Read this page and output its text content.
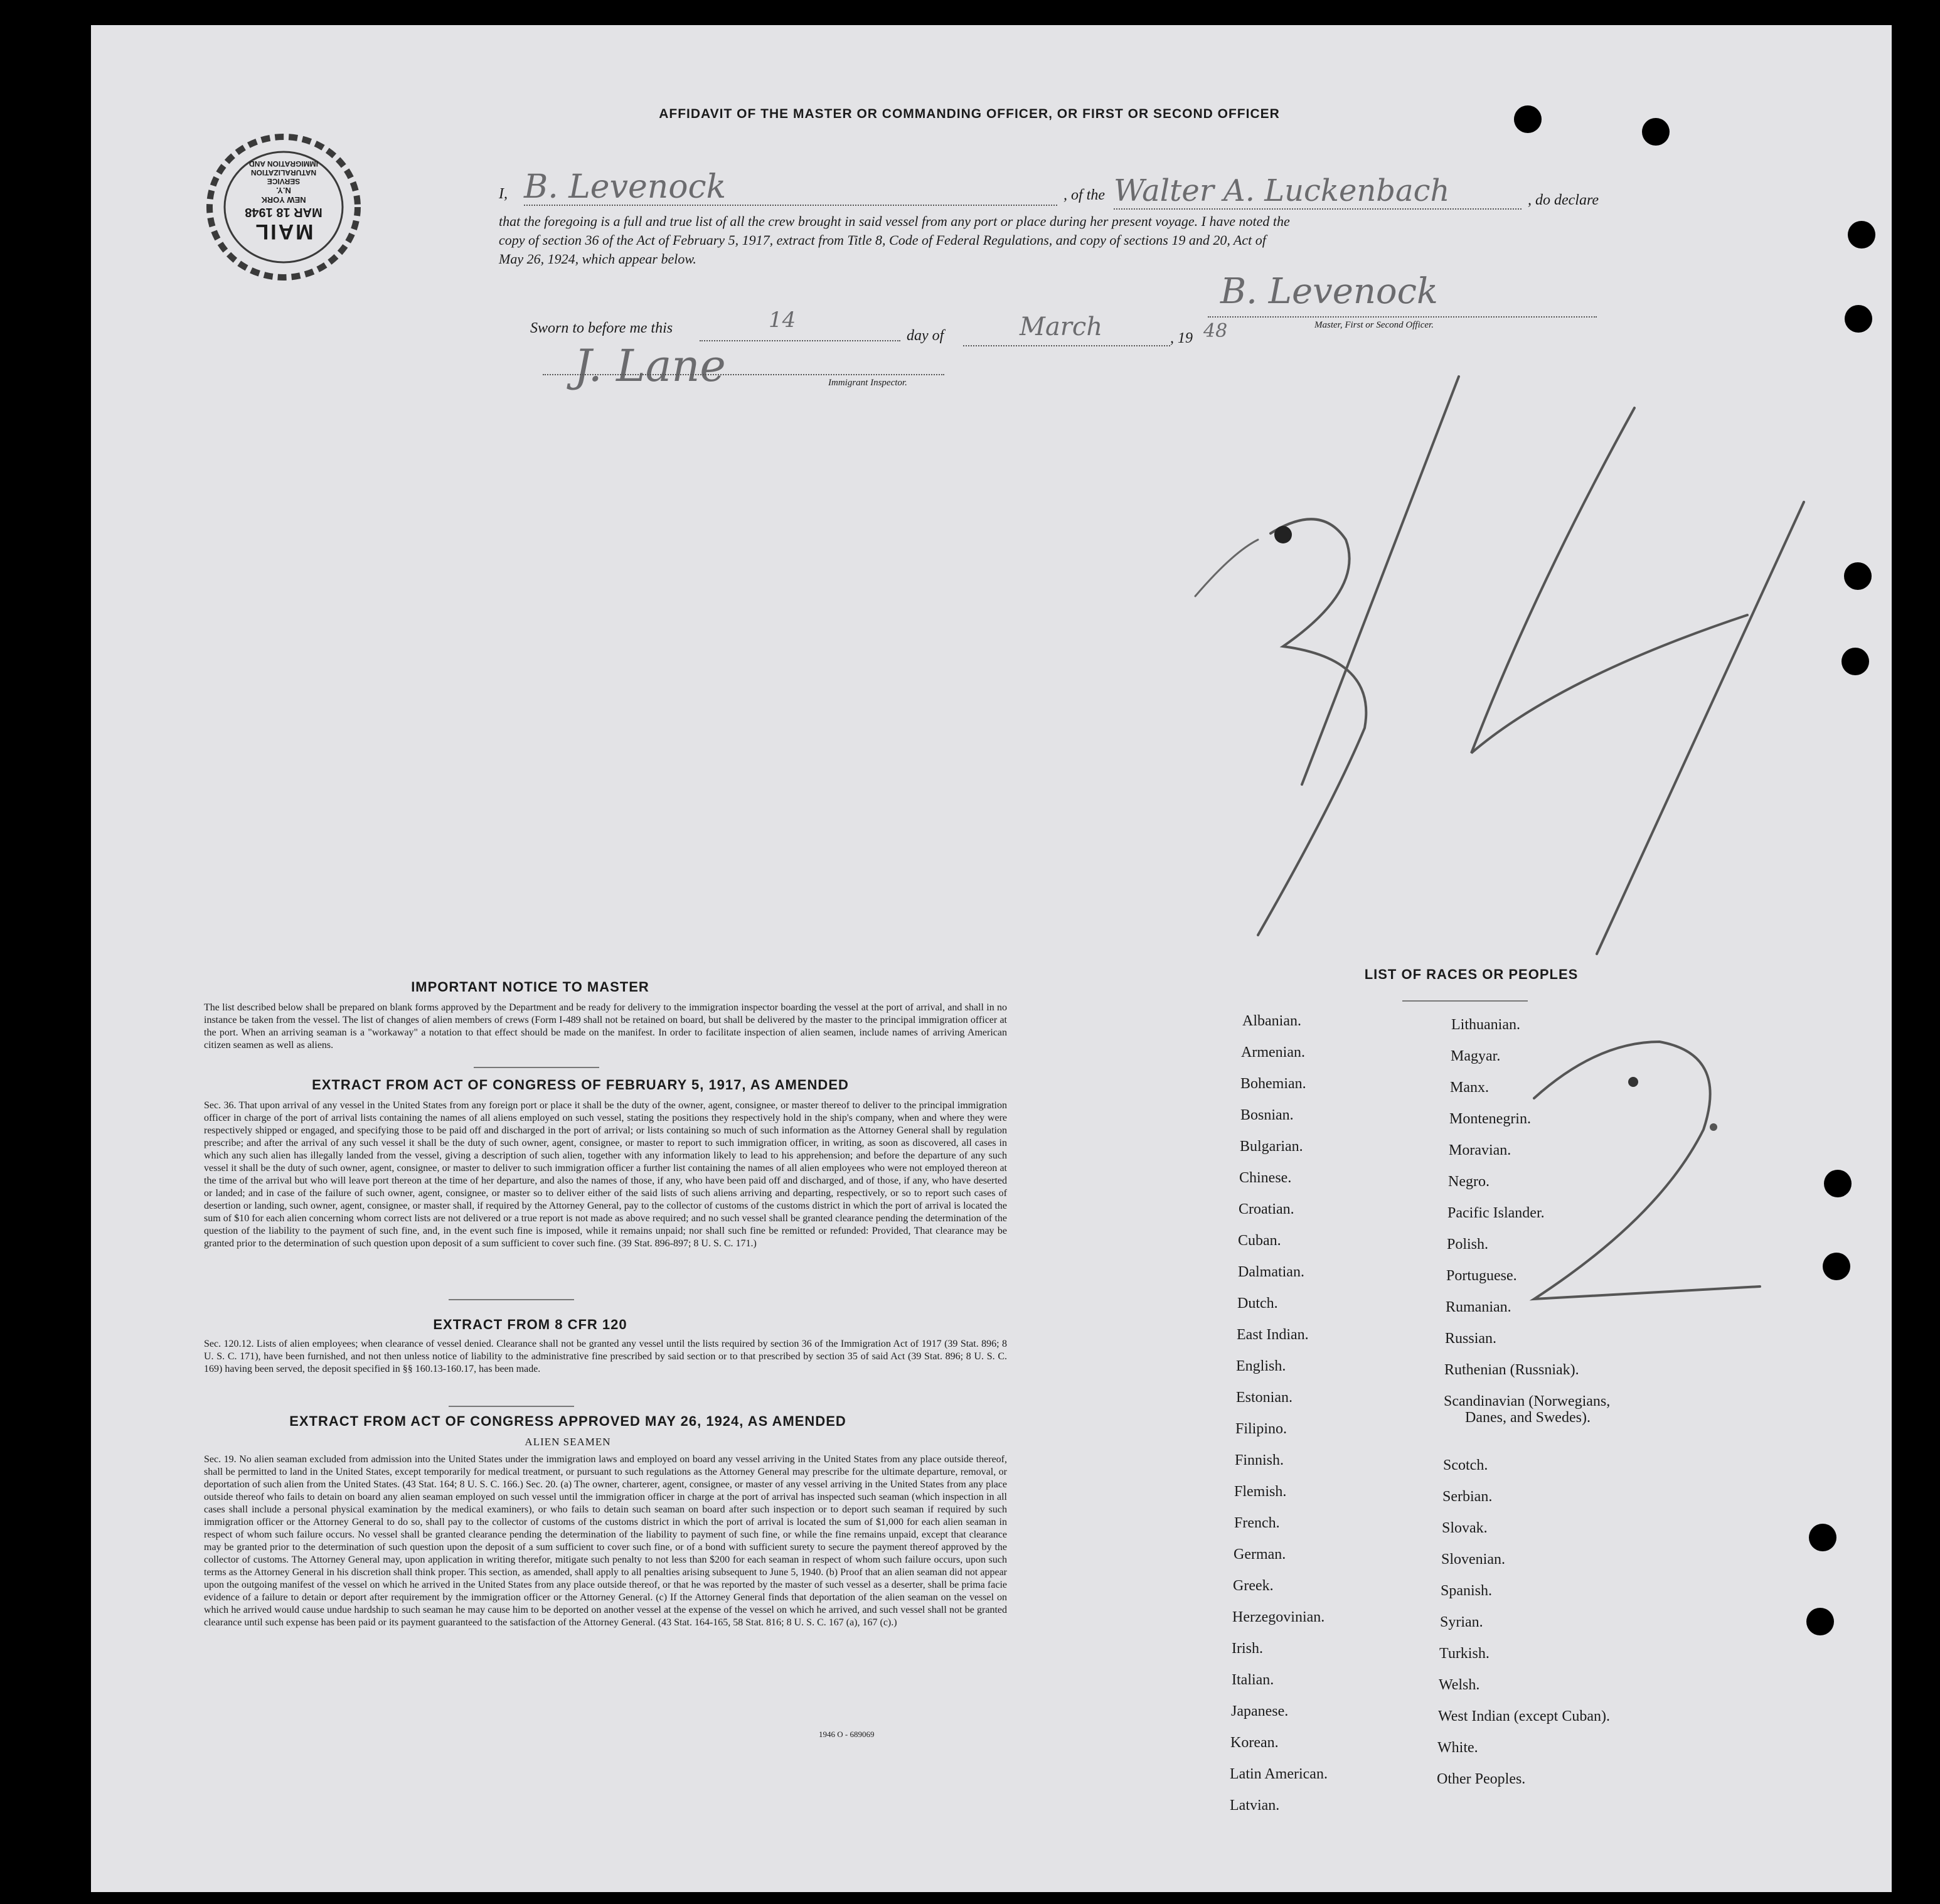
MAIL
MAR 18 1948
NEW YORK
N.Y.
SERVICE
NATURALIZATION
IMMIGRATION AND
AFFIDAVIT OF THE MASTER OR COMMANDING OFFICER, OR FIRST OR SECOND OFFICER
I, B. Levenock	, of the Walter A. Luckenbach	, do declare
that the foregoing is a full and true list of all the crew brought in said vessel from any port or place during her present voyage. I have noted the
copy of section 36 of the Act of February 5, 1917, extract from Title 8, Code of Federal Regulations, and copy of sections 19 and 20, Act of
May 26, 1924, which appear below.
B. Levenock
Master, First or Second Officer.
Sworn to before me this	14
day of	March	, 19 48
J. Lane	Immigrant Inspector.
IMPORTANT NOTICE TO MASTER
The list described below shall be prepared on blank forms approved by the Department and be ready for delivery to the immigration inspector boarding the vessel at the port of arrival, and shall in no instance be taken from the vessel. The list of changes of alien members of crews (Form I-489 shall not be retained on board, but shall be delivered by the master to the principal immigration officer at the port. When an arriving seaman is a "workaway" a notation to that effect should be made on the manifest. In order to facilitate inspection of alien seamen, include names of arriving American citizen seamen as well as aliens.
EXTRACT FROM ACT OF CONGRESS OF FEBRUARY 5, 1917, AS AMENDED
Sec. 36. That upon arrival of any vessel in the United States from any foreign port or place it shall be the duty of the owner, agent, consignee, or master thereof to deliver to the principal immigration officer in charge of the port of arrival lists containing the names of all aliens employed on such vessel, stating the positions they respectively hold in the ship's company, when and where they were respectively shipped or engaged, and specifying those to be paid off and discharged in the port of arrival; or lists containing so much of such information as the Attorney General shall by regulation prescribe; and after the arrival of any such vessel it shall be the duty of such owner, agent, consignee, or master to report to such immigration officer, in writing, as soon as discovered, all cases in which any such alien has illegally landed from the vessel, giving a description of such alien, together with any information likely to lead to his apprehension; and before the departure of any such vessel it shall be the duty of such owner, agent, consignee, or master to deliver to such immigration officer a further list containing the names of all alien employees who were not employed thereon at the time of the arrival but who will leave port thereon at the time of her departure, and also the names of those, if any, who have been paid off and discharged, and of those, if any, who have deserted or landed; and in case of the failure of such owner, agent, consignee, or master so to deliver either of the said lists of such aliens arriving and departing, respectively, or so to report such cases of desertion or landing, such owner, agent, consignee, or master shall, if required by the Attorney General, pay to the collector of customs of the customs district in which the port of arrival is located the sum of $10 for each alien concerning whom correct lists are not delivered or a true report is not made as above required; and no such vessel shall be granted clearance pending the determination of the question of the liability to the payment of such fine, and, in the event such fine is imposed, while it remains unpaid; nor shall such fine be remitted or refunded: Provided, That clearance may be granted prior to the determination of such question upon deposit of a sum sufficient to cover such fine. (39 Stat. 896-897; 8 U. S. C. 171.)
EXTRACT FROM 8 CFR 120
Sec. 120.12. Lists of alien employees; when clearance of vessel denied. Clearance shall not be granted any vessel until the lists required by section 36 of the Immigration Act of 1917 (39 Stat. 896; 8 U. S. C. 171), have been furnished, and not then unless notice of liability to the administrative fine prescribed by said section or to that prescribed by section 35 of said Act (39 Stat. 896; 8 U. S. C. 169) having been served, the deposit specified in §§ 160.13-160.17, has been made.
EXTRACT FROM ACT OF CONGRESS APPROVED MAY 26, 1924, AS AMENDED
ALIEN SEAMEN
Sec. 19. No alien seaman excluded from admission into the United States under the immigration laws and employed on board any vessel arriving in the United States from any place outside thereof, shall be permitted to land in the United States, except temporarily for medical treatment, or pursuant to such regulations as the Attorney General may prescribe for the ultimate departure, removal, or deportation of such alien from the United States. (43 Stat. 164; 8 U. S. C. 166.) Sec. 20. (a) The owner, charterer, agent, consignee, or master of any vessel arriving in the United States from any place outside thereof who fails to detain on board any alien seaman employed on such vessel until the immigration officer in charge at the port of arrival has inspected such seaman (which inspection in all cases shall include a personal physical examination by the medical examiners), or who fails to detain such seaman on board after such inspection or to deport such seaman if required by such immigration officer or the Attorney General to do so, shall pay to the collector of customs of the customs district in which the port of arrival is located the sum of $1,000 for each alien seaman in respect of whom such failure occurs. No vessel shall be granted clearance pending the determination of the liability to payment of such fine, or while the fine remains unpaid, except that clearance may be granted prior to the determination of such question upon the deposit of a sum sufficient to cover such fine, or of a bond with sufficient surety to secure the payment thereof approved by the collector of customs. The Attorney General may, upon application in writing therefor, mitigate such penalty to not less than $200 for each seaman in respect of whom such failure occurs, upon such terms as the Attorney General in his discretion shall think proper. This section, as amended, shall apply to all penalties arising subsequent to June 5, 1940. (b) Proof that an alien seaman did not appear upon the outgoing manifest of the vessel on which he arrived in the United States from any place outside thereof, or that he was reported by the master of such vessel as a deserter, shall be prima facie evidence of a failure to detain or deport after requirement by the immigration officer or the Attorney General. (c) If the Attorney General finds that deportation of the alien seaman on the vessel on which he arrived would cause undue hardship to such seaman he may cause him to be deported on another vessel at the expense of the vessel on which he arrived, and such vessel shall not be granted clearance until such expense has been paid or its payment guaranteed to the satisfaction of the Attorney General. (43 Stat. 164-165, 58 Stat. 816; 8 U. S. C. 167 (a), 167 (c).)
1946 O - 689069
LIST OF RACES OR PEOPLES
Albanian.
Armenian.
Bohemian.
Bosnian.
Bulgarian.
Chinese.
Croatian.
Cuban.
Dalmatian.
Dutch.
East Indian.
English.
Estonian.
Filipino.
Finnish.
Flemish.
French.
German.
Greek.
Herzegovinian.
Irish.
Italian.
Japanese.
Korean.
Latin American.
Latvian.
Lithuanian.
Magyar.
Manx.
Montenegrin.
Moravian.
Negro.
Pacific Islander.
Polish.
Portuguese.
Rumanian.
Russian.
Ruthenian (Russniak).
Scandinavian (Norwegians,
Danes, and Swedes).
Scotch.
Serbian.
Slovak.
Slovenian.
Spanish.
Syrian.
Turkish.
Welsh.
West Indian (except Cuban).
White.
Other Peoples.
